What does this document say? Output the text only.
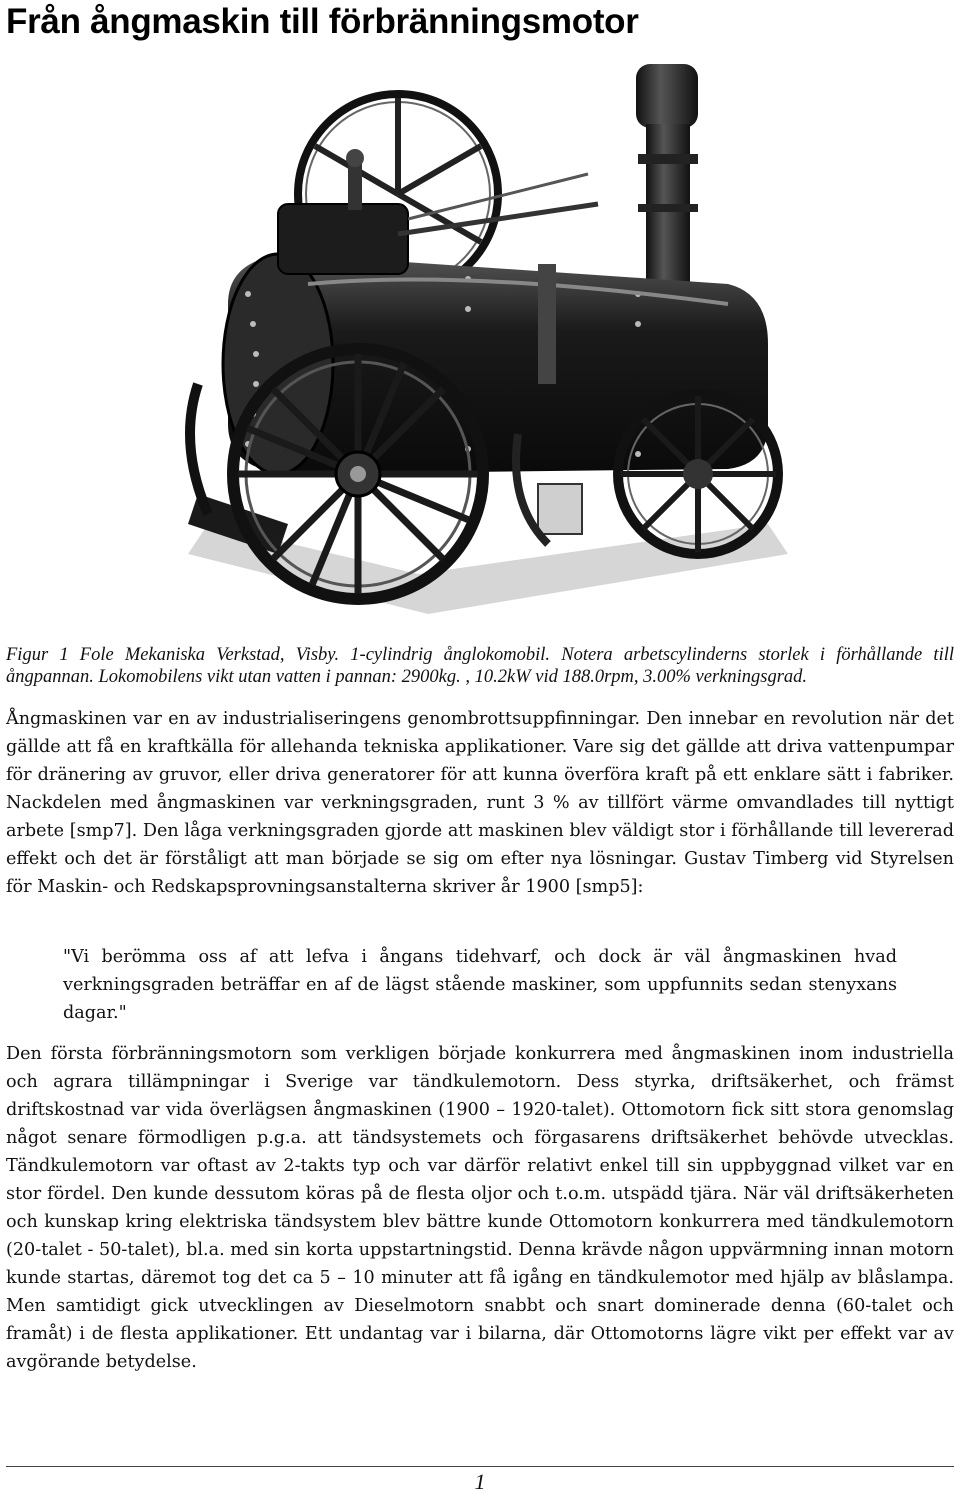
Från ångmaskin till förbränningsmotor

Figur 1 Fole Mekaniska Verkstad, Visby. 1-cylindrig ånglokomobil. Notera arbetscylinderns storlek i förhållande till ångpannan. Lokomobilens vikt utan vatten i pannan: 2900kg. , 10.2kW vid 188.0rpm, 3.00% verkningsgrad.

Ångmaskinen var en av industrialiseringens genombrottsuppfinningar. Den innebar en revolution när det gällde att få en kraftkälla för allehanda tekniska applikationer. Vare sig det gällde att driva vattenpumpar för dränering av gruvor, eller driva generatorer för att kunna överföra kraft på ett enklare sätt i fabriker. Nackdelen med ångmaskinen var verkningsgraden, runt 3 % av tillfört värme omvandlades till nyttigt arbete [smp7]. Den låga verkningsgraden gjorde att maskinen blev väldigt stor i förhållande till levererad effekt och det är förståligt att man började se sig om efter nya lösningar. Gustav Timberg vid Styrelsen för Maskin- och Redskapsprovningsanstalterna skriver år 1900 [smp5]:

"Vi berömma oss af att lefva i ångans tidehvarf, och dock är väl ångmaskinen hvad verkningsgraden beträffar en af de lägst stående maskiner, som uppfunnits sedan stenyxans dagar."

Den första förbränningsmotorn som verkligen började konkurrera med ångmaskinen inom industriella och agrara tillämpningar i Sverige var tändkulemotorn. Dess styrka, driftsäkerhet, och främst driftskostnad var vida överlägsen ångmaskinen (1900 – 1920-talet). Ottomotorn fick sitt stora genomslag något senare förmodligen p.g.a. att tändsystemets och förgasarens driftsäkerhet behövde utvecklas. Tändkulemotorn var oftast av 2-takts typ och var därför relativt enkel till sin uppbyggnad vilket var en stor fördel. Den kunde dessutom köras på de flesta oljor och t.o.m. utspädd tjära. När väl driftsäkerheten och kunskap kring elektriska tändsystem blev bättre kunde Ottomotorn konkurrera med tändkulemotorn (20-talet - 50-talet), bl.a. med sin korta uppstartningstid. Denna krävde någon uppvärmning innan motorn kunde startas, däremot tog det ca 5 – 10 minuter att få igång en tändkulemotor med hjälp av blåslampa. Men samtidigt gick utvecklingen av Dieselmotorn snabbt och snart dominerade denna (60-talet och framåt) i de flesta applikationer. Ett undantag var i bilarna, där Ottomotorns lägre vikt per effekt var av avgörande betydelse.

1
